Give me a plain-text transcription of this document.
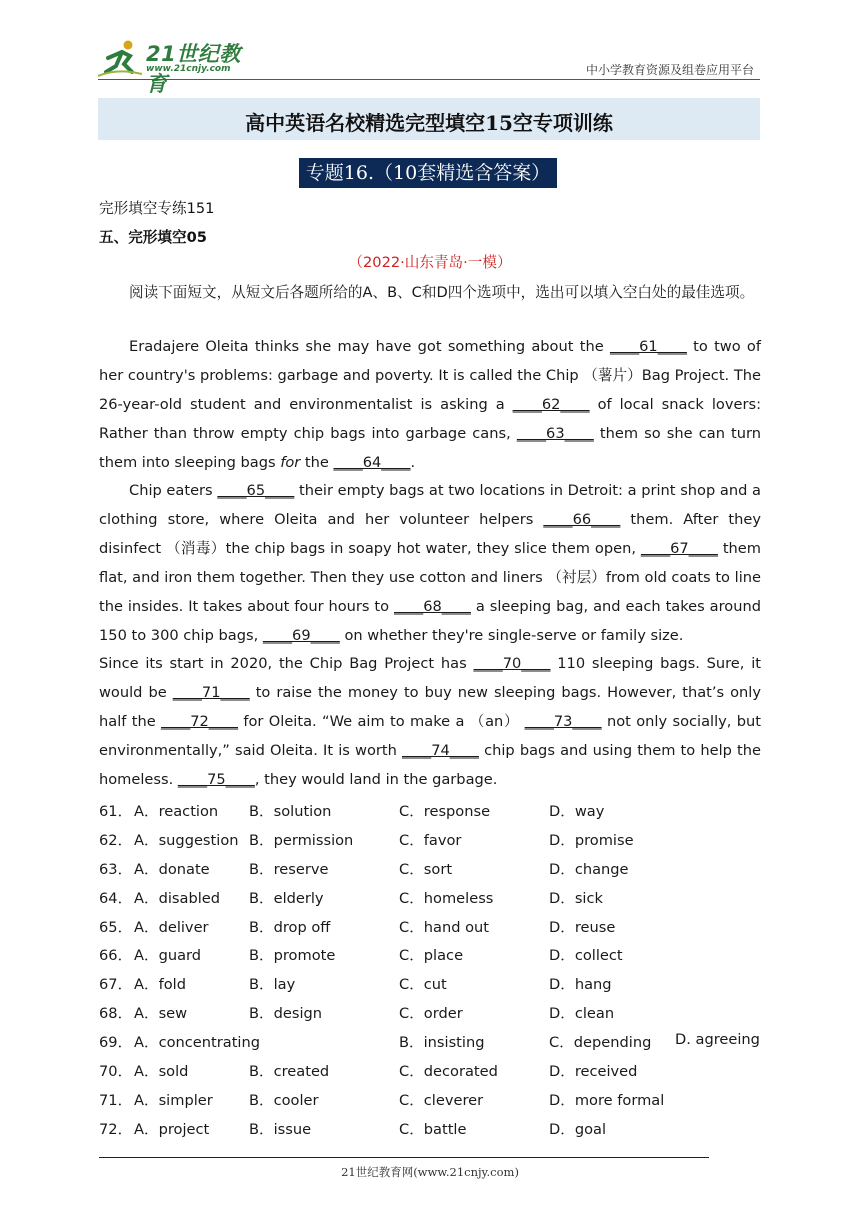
21世纪教育
www.21cnjy.com	中小学教育资源及组卷应用平台
高中英语名校精选完型填空15空专项训练
专题16.（10套精选含答案）
完形填空专练151
五、完形填空05
（2022·山东青岛·一模）
阅读下面短文，从短文后各题所给的A、B、C和D四个选项中，选出可以填入空白处的最佳选项。
Eradajere Oleita thinks she may have got something about the ____61____ to two of her country's problems: garbage and poverty. It is called the Chip （薯片）Bag Project. The 26-year-old student and environmentalist is asking a ____62____ of local snack lovers: Rather than throw empty chip bags into garbage cans, ____63____ them so she can turn them into sleeping bags for the ____64____.
Chip eaters ____65____ their empty bags at two locations in Detroit: a print shop and a clothing store, where Oleita and her volunteer helpers ____66____ them. After they disinfect （消毒）the chip bags in soapy hot water, they slice them open, ____67____ them flat, and iron them together. Then they use cotton and liners （衬层）from old coats to line the insides. It takes about four hours to ____68____ a sleeping bag, and each takes around 150 to 300 chip bags, ____69____ on whether they're single-serve or family size.
Since its start in 2020, the Chip Bag Project has ____70____ 110 sleeping bags. Sure, it would be ____71____ to raise the money to buy new sleeping bags. However, that’s only half the ____72____ for Oleita. “We aim to make a （an） ____73____ not only socially, but environmentally,” said Oleita. It is worth ____74____ chip bags and using them to help the homeless. ____75____, they would land in the garbage.
61． A．reaction B．solution	C．response	D．way
62． A．suggestion B．permission	C．favor	D．promise
63． A．donate	B．reserve	C．sort	D．change
64． A．disabled B．elderly	C．homeless	D．sick
65． A．deliver	B．drop off	C．hand out	D．reuse
66． A．guard	B．promote	C．place	D．collect
67． A．fold	B．lay	C．cut	D．hang
68． A．sew	B．design	C．order	D．clean
69． A．concentrating	B．insisting	C．depending D. agreeing
70． A．sold	B．created	C．decorated	D．received
71． A．simpler B．cooler	C．cleverer	D．more formal
72． A．project	B．issue	C．battle	D．goal
21世纪教育网(www.21cnjy.com)
